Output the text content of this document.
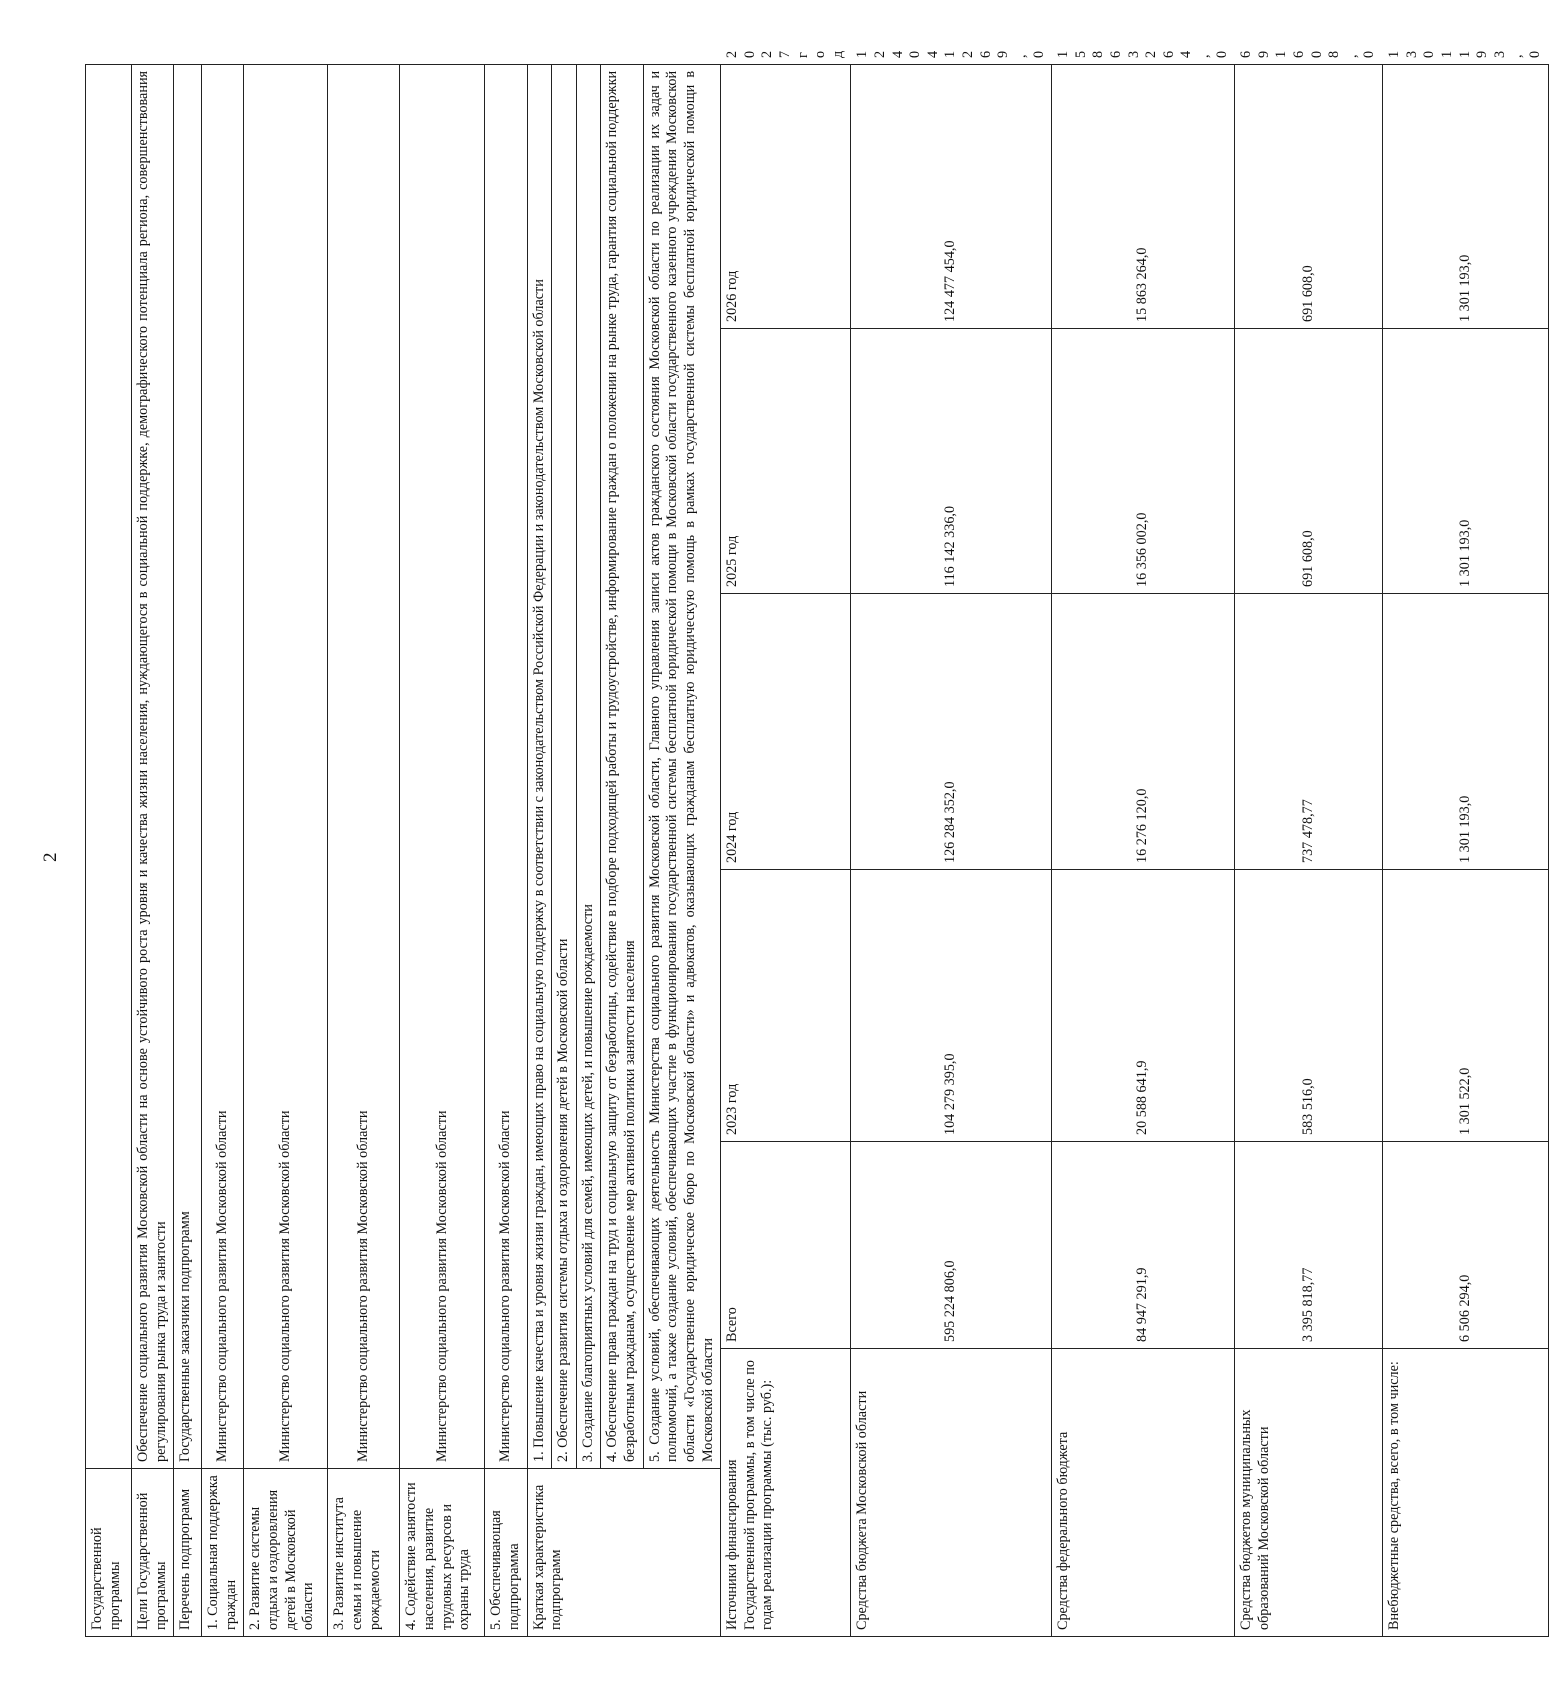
2
Государственной программы							
Цели Государственной программы	Обеспечение социального развития Московской области на основе устойчивого роста уровня и качества жизни населения, нуждающегося в социальной поддержке, демографического потенциала региона, совершенствования регулирования рынка труда и занятости						
Перечень подпрограмм	Государственные заказчики подпрограмм						
1. Социальная поддержка граждан	Министерство социального развития Московской области						
2. Развитие системы отдыха и оздоровления детей в Московской области	Министерство социального развития Московской области						
3. Развитие института семьи и повышение рождаемости	Министерство социального развития Московской области						
4. Содействие занятости населения, развитие трудовых ресурсов и охраны труда	Министерство социального развития Московской области						
5. Обеспечивающая подпрограмма	Министерство социального развития Московской области						
Краткая характеристика подпрограмм	1. Повышение качества и уровня жизни граждан, имеющих право на социальную поддержку в соответствии с законодательством Российской Федерации и законодательством Московской области						
	2. Обеспечение развития системы отдыха и оздоровления детей в Московской области						
	3. Создание благоприятных условий для семей, имеющих детей, и повышение рождаемости						
	4. Обеспечение права граждан на труд и социальную защиту от безработицы, содействие в подборе подходящей работы и трудоустройстве, информирование граждан о положении на рынке труда, гарантия социальной поддержки безработным гражданам, осуществление мер активной политики занятости населения						
	5. Создание условий, обеспечивающих деятельность Министерства социального развития Московской области, Главного управления записи актов гражданского состояния Московской области по реализации их задач и полномочий, а также создание условий, обеспечивающих участие в функционировании государственной системы бесплатной юридической помощи в Московской области государственного казенного учреждения Московской области «Государственное юридическое бюро по Московской области» и адвокатов, оказывающих гражданам бесплатную юридическую помощь в рамках государственной системы бесплатной юридической помощи в Московской области						
Источники финансирования Государственной программы, в том числе по годам реализации программы (тыс. руб.):		Всего	2023 год	2024 год	2025 год	2026 год	2027 год
Средства бюджета Московской области		595 224 806,0	104 279 395,0	126 284 352,0	116 142 336,0	124 477 454,0	124 041 269,0
Средства федерального бюджета		84 947 291,9	20 588 641,9	16 276 120,0	16 356 002,0	15 863 264,0	15 863 264,0
Средства бюджетов муниципальных образований Московской области		3 395 818,77	583 516,0	737 478,77	691 608,0	691 608,0	691 608,0
Внебюджетные средства, всего, в том числе:		6 506 294,0	1 301 522,0	1 301 193,0	1 301 193,0	1 301 193,0	1 301 193,0
